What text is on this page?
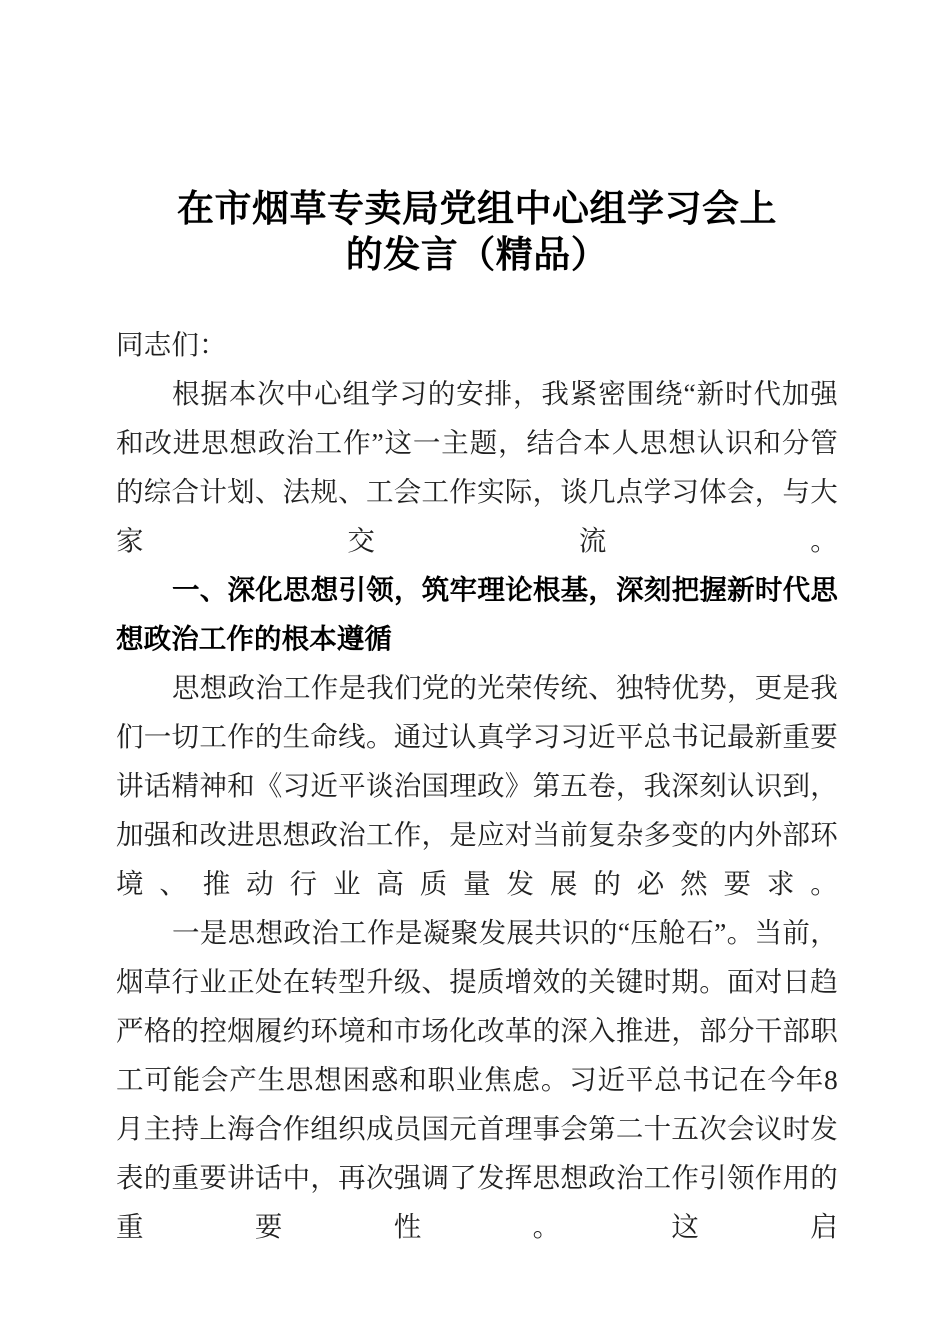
在市烟草专卖局党组中心组学习会上
的发言（精品）

同志们：

根据本次中心组学习的安排，我紧密围绕“新时代加强和改进思想政治工作”这一主题，结合本人思想认识和分管的综合计划、法规、工会工作实际，谈几点学习体会，与大家交流。

一、深化思想引领，筑牢理论根基，深刻把握新时代思想政治工作的根本遵循

思想政治工作是我们党的光荣传统、独特优势，更是我们一切工作的生命线。通过认真学习习近平总书记最新重要讲话精神和《习近平谈治国理政》第五卷，我深刻认识到，加强和改进思想政治工作，是应对当前复杂多变的内外部环境、推动行业高质量发展的必然要求。

一是思想政治工作是凝聚发展共识的“压舱石”。当前，烟草行业正处在转型升级、提质增效的关键时期。面对日趋严格的控烟履约环境和市场化改革的深入推进，部分干部职工可能会产生思想困惑和职业焦虑。习近平总书记在今年8月主持上海合作组织成员国元首理事会第二十五次会议时发表的重要讲话中，再次强调了发挥思想政治工作引领作用的重要性。这启
